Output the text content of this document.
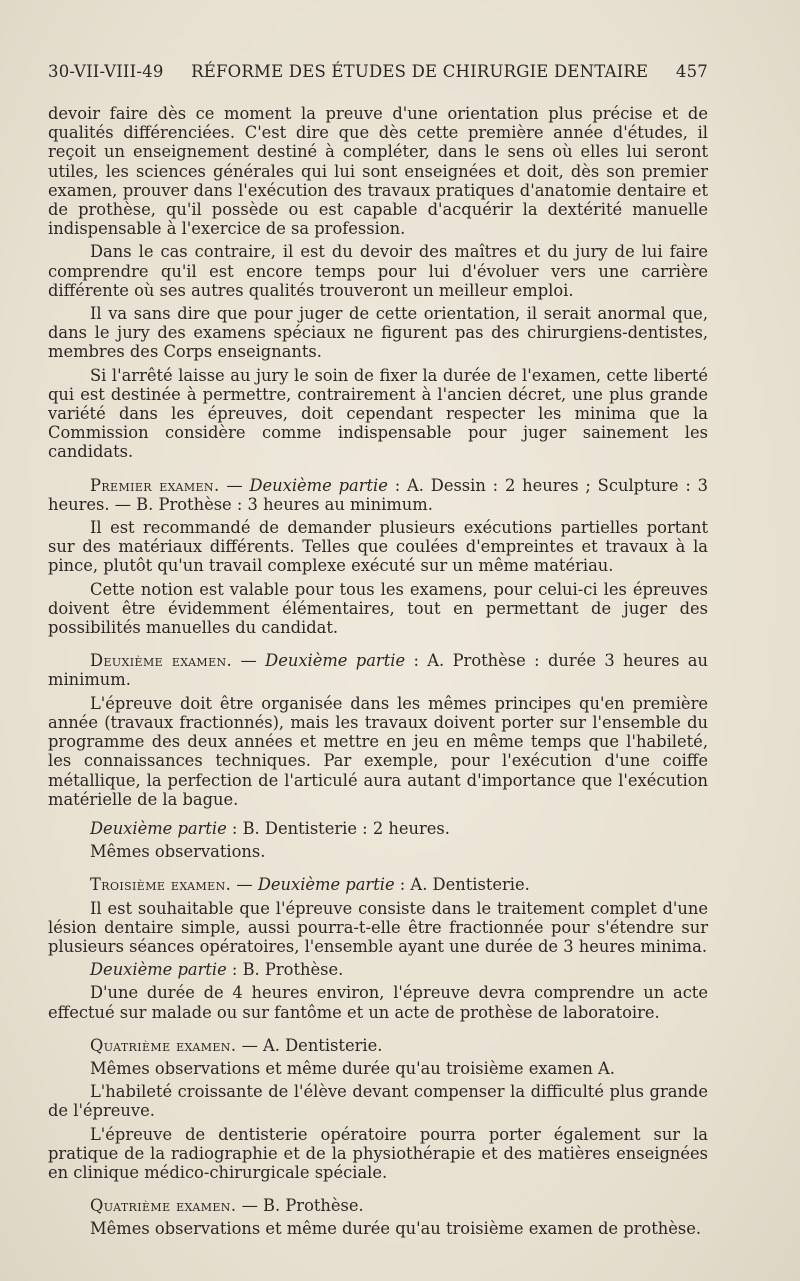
30-VII-VIII-49 RÉFORME DES ÉTUDES DE CHIRURGIE DENTAIRE 457

devoir faire dès ce moment la preuve d'une orientation plus précise et de qualités différenciées. C'est dire que dès cette première année d'études, il reçoit un enseignement destiné à compléter, dans le sens où elles lui seront utiles, les sciences générales qui lui sont enseignées et doit, dès son premier examen, prouver dans l'exécution des travaux pratiques d'anatomie dentaire et de prothèse, qu'il possède ou est capable d'acquérir la dextérité manuelle indispensable à l'exercice de sa profession.

Dans le cas contraire, il est du devoir des maîtres et du jury de lui faire comprendre qu'il est encore temps pour lui d'évoluer vers une carrière différente où ses autres qualités trouveront un meilleur emploi.

Il va sans dire que pour juger de cette orientation, il serait anormal que, dans le jury des examens spéciaux ne figurent pas des chirurgiens-dentistes, membres des Corps enseignants.

Si l'arrêté laisse au jury le soin de fixer la durée de l'examen, cette liberté qui est destinée à permettre, contrairement à l'ancien décret, une plus grande variété dans les épreuves, doit cependant respecter les minima que la Commission considère comme indispensable pour juger sainement les candidats.

Premier examen. — Deuxième partie : A. Dessin : 2 heures ; Sculpture : 3 heures. — B. Prothèse : 3 heures au minimum.

Il est recommandé de demander plusieurs exécutions partielles portant sur des matériaux différents. Telles que coulées d'empreintes et travaux à la pince, plutôt qu'un travail complexe exécuté sur un même matériau.

Cette notion est valable pour tous les examens, pour celui-ci les épreuves doivent être évidemment élémentaires, tout en permettant de juger des possibilités manuelles du candidat.

Deuxième examen. — Deuxième partie : A. Prothèse : durée 3 heures au minimum.

L'épreuve doit être organisée dans les mêmes principes qu'en première année (travaux fractionnés), mais les travaux doivent porter sur l'ensemble du programme des deux années et mettre en jeu en même temps que l'habileté, les connaissances techniques. Par exemple, pour l'exécution d'une coiffe métallique, la perfection de l'articulé aura autant d'importance que l'exécution matérielle de la bague.

Deuxième partie : B. Dentisterie : 2 heures.

Mêmes observations.

Troisième examen. — Deuxième partie : A. Dentisterie.

Il est souhaitable que l'épreuve consiste dans le traitement complet d'une lésion dentaire simple, aussi pourra-t-elle être fractionnée pour s'étendre sur plusieurs séances opératoires, l'ensemble ayant une durée de 3 heures minima.

Deuxième partie : B. Prothèse.

D'une durée de 4 heures environ, l'épreuve devra comprendre un acte effectué sur malade ou sur fantôme et un acte de prothèse de laboratoire.

Quatrième examen. — A. Dentisterie.

Mêmes observations et même durée qu'au troisième examen A.

L'habileté croissante de l'élève devant compenser la difficulté plus grande de l'épreuve.

L'épreuve de dentisterie opératoire pourra porter également sur la pratique de la radiographie et de la physiothérapie et des matières enseignées en clinique médico-chirurgicale spéciale.

Quatrième examen. — B. Prothèse.

Mêmes observations et même durée qu'au troisième examen de prothèse.
